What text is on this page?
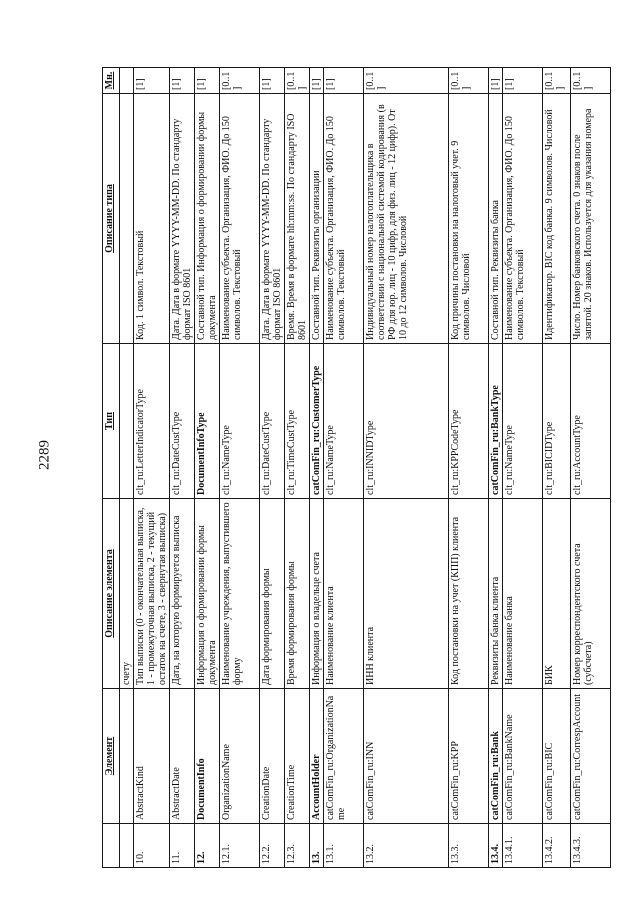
2289
	Элемент	Описание элемента	Тип	Описание типа	Мн.
		счету			
10.	AbstractKind	Тип выписки (0 - окончательная выписка, 1 - промежуточная выписка, 2 - текущий остаток на счете, 3 - свернутая выписка)	clt_ru:LetterIndicatorType	Код. 1 символ. Текстовый	[1]
11.	AbstractDate	Дата, на которую формируется выписка	clt_ru:DateCustType	Дата. Дата в формате YYYY-MM-DD. По стандарту формат ISO 8601	[1]
12.	DocumentInfo	Информация о формировании формы документа	DocumentInfoType	Составной тип. Информация о формировании формы документа	[1]
12.1.	OrganizationName	Наименование учреждения, выпустившего форму	clt_ru:NameType	Наименование субъекта. Организация, ФИО. До 150 символов. Текстовый	[0..1]
12.2.	CreationDate	Дата формирования формы	clt_ru:DateCustType	Дата. Дата в формате YYYY-MM-DD. По стандарту формат ISO 8601	[1]
12.3.	CreationTime	Время формирования формы	clt_ru:TimeCustType	Время. Время в формате hh:mm:ss. По стандарту ISO 8601	[0..1]
13.	AccountHolder	Информация о владельце счета	catComFin_ru:CustomerType	Составной тип. Реквизиты организации	[1]
13.1.	catComFin_ru:OrganizationName	Наименование клиента	clt_ru:NameType	Наименование субъекта. Организация, ФИО. До 150 символов. Текстовый	[1]
13.2.	catComFin_ru:INN	ИНН клиента	clt_ru:INNIDType	Индивидуальный номер налогоплательщика в соответствии с национальной системой кодирования (в РФ для юр. лиц - 10 цифр, для физ. лиц - 12 цифр). От 10 до 12 символов. Числовой	[0..1]
13.3.	catComFin_ru:KPP	Код постановки на учет (КПП) клиента	clt_ru:KPPCodeType	Код причины постановки на налоговый учет. 9 символов. Числовой	[0..1]
13.4.	catComFin_ru:Bank	Реквизиты банка клиента	catComFin_ru:BankType	Составной тип. Реквизиты банка	[1]
13.4.1.	catComFin_ru:BankName	Наименование банка	clt_ru:NameType	Наименование субъекта. Организация, ФИО. До 150 символов. Текстовый	[1]
13.4.2.	catComFin_ru:BIC	БИК	clt_ru:BICIDType	Идентификатор. BIC код банка. 9 символов. Числовой	[0..1]
13.4.3.	catComFin_ru:CorrespAccount	Номер корреспондентского счета (субсчета)	clt_ru:AccountType	Число. Номер банковского счета. 0 знаков после запятой. 20 знаков. Используется для указания номера	[0..1]
